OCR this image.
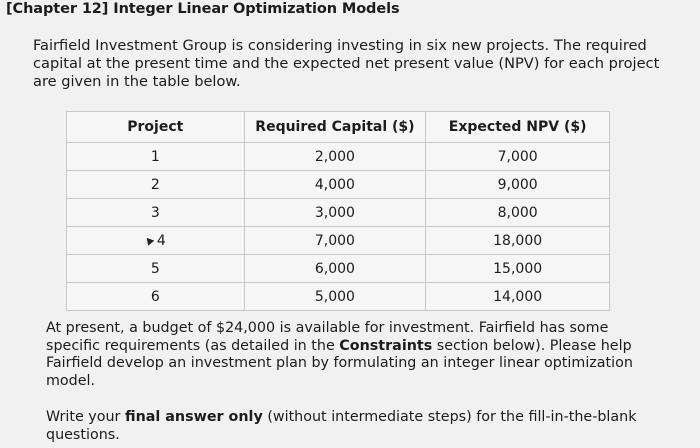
[Chapter 12] Integer Linear Optimization Models
Fairfield Investment Group is considering investing in six new projects. The required capital at the present time and the expected net present value (NPV) for each project are given in the table below.
Project	Required Capital ($)	Expected NPV ($)
1	2,000	7,000
2	4,000	9,000
3	3,000	8,000
4	7,000	18,000
5	6,000	15,000
6	5,000	14,000
At present, a budget of $24,000 is available for investment. Fairfield has some specific requirements (as detailed in the Constraints section below). Please help Fairfield develop an investment plan by formulating an integer linear optimization model.
Write your final answer only (without intermediate steps) for the fill-in-the-blank questions.
